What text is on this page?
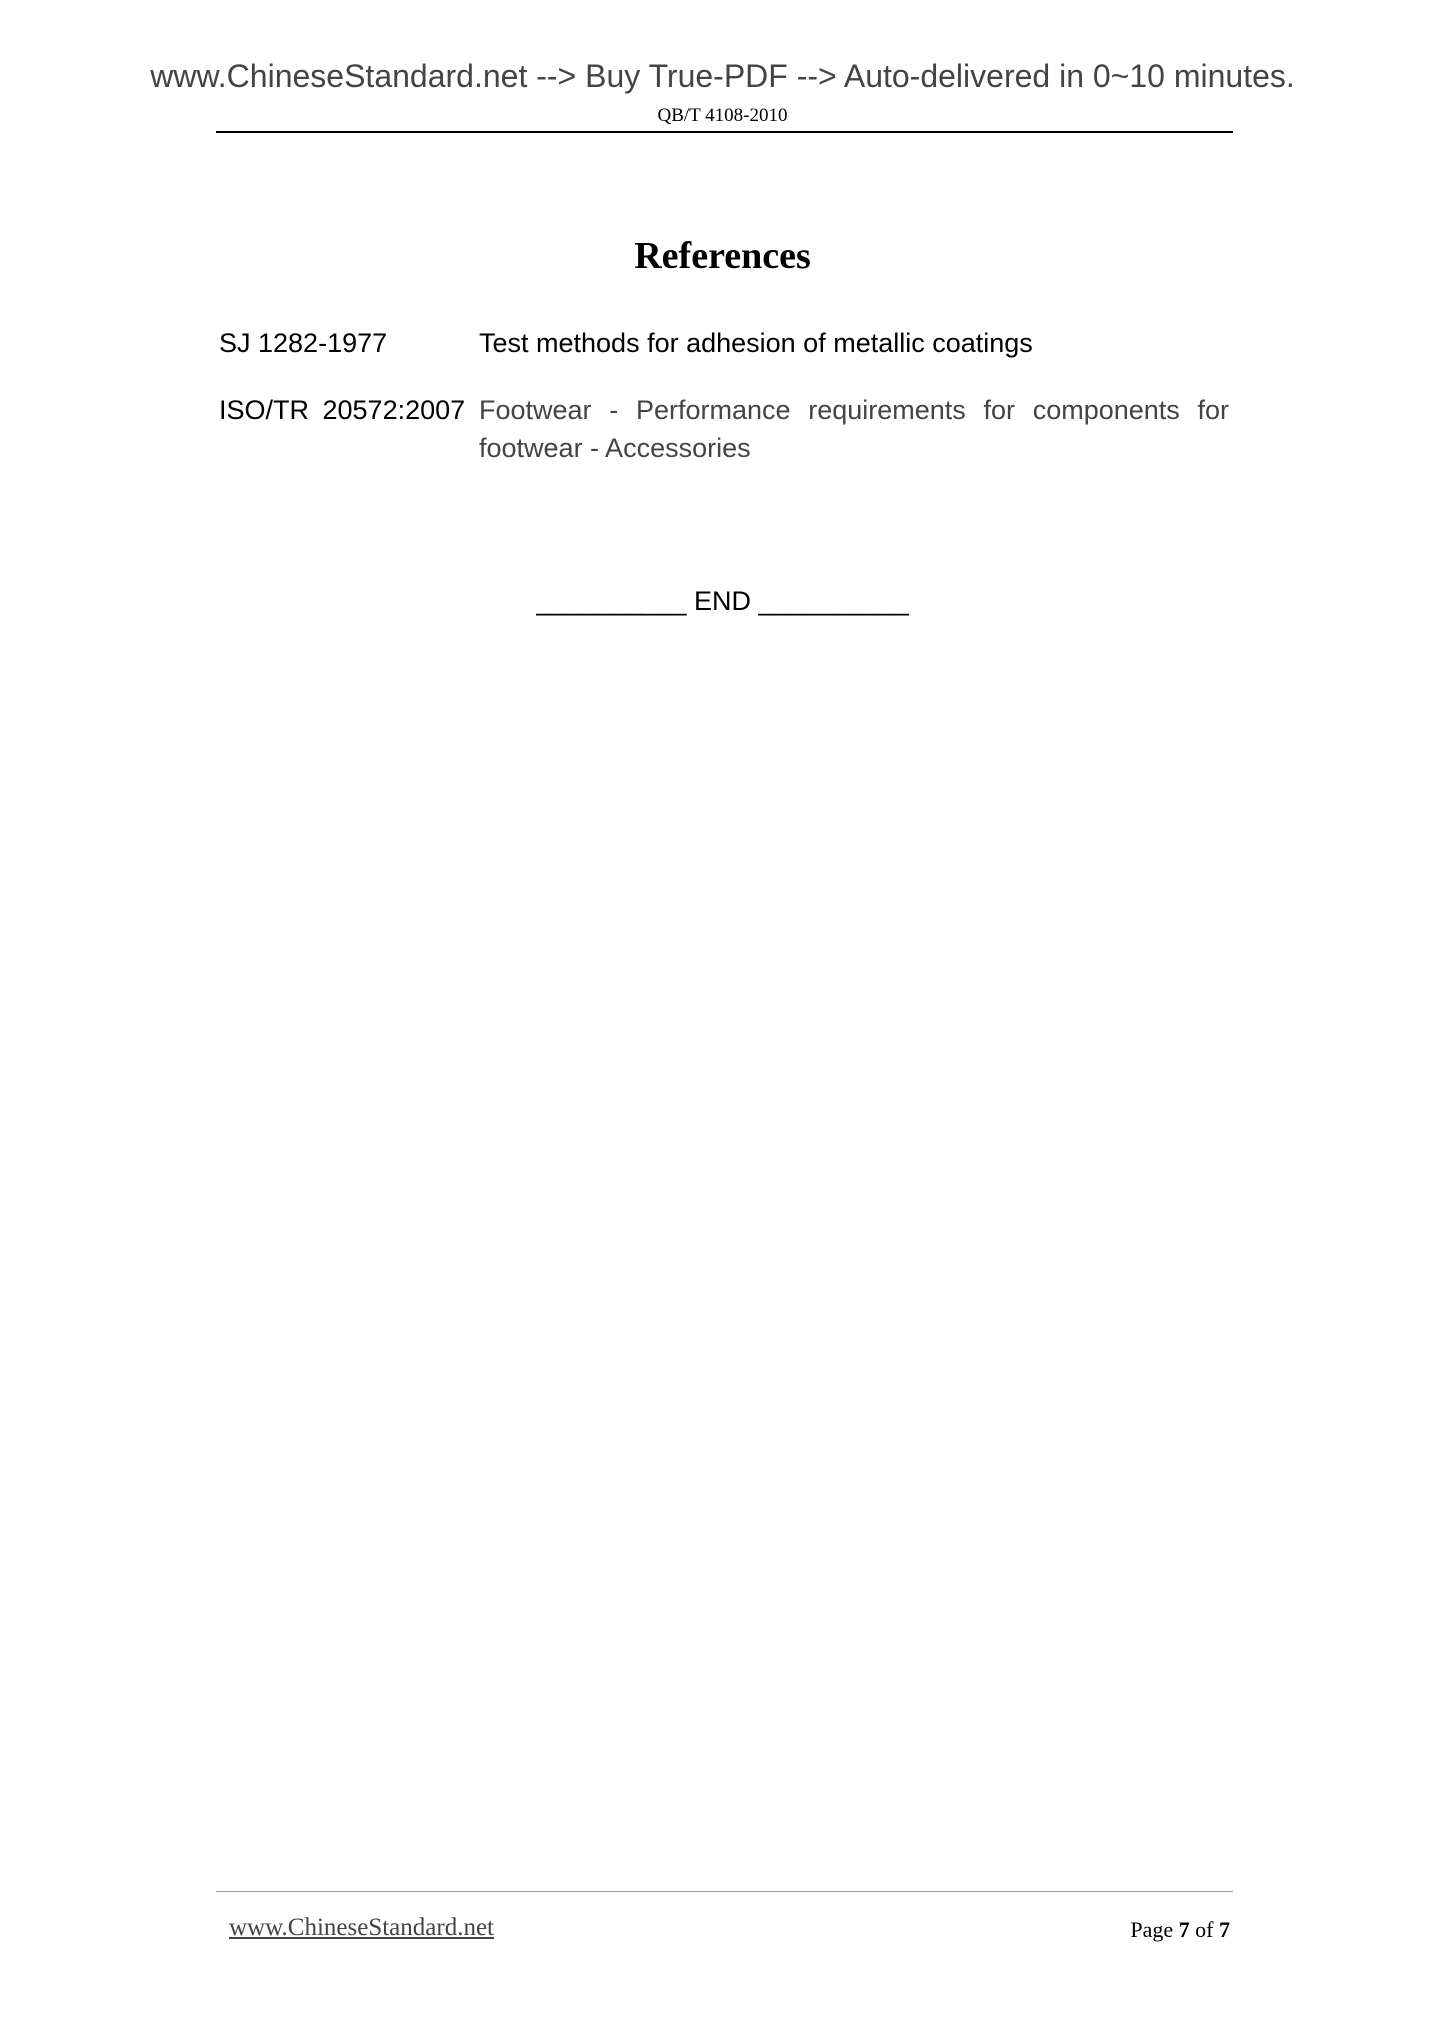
www.ChineseStandard.net --> Buy True-PDF --> Auto-delivered in 0~10 minutes.
QB/T 4108-2010
References
SJ 1282-1977	Test methods for adhesion of metallic coatings
ISO/TR 20572:2007 Footwear - Performance requirements for components for footwear - Accessories
__________ END __________
www.ChineseStandard.net	Page 7 of 7
